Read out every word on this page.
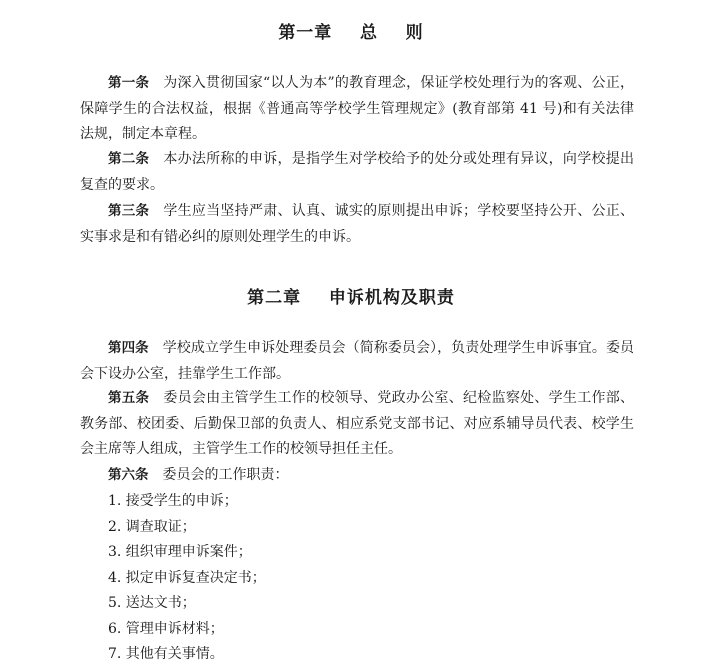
第一章    总    则

第一条 为深入贯彻国家“以人为本”的教育理念，保证学校处理行为的客观、公正，保障学生的合法权益，根据《普通高等学校学生管理规定》(教育部第 41 号)和有关法律法规，制定本章程。

第二条 本办法所称的申诉，是指学生对学校给予的处分或处理有异议，向学校提出复查的要求。

第三条 学生应当坚持严肃、认真、诚实的原则提出申诉；学校要坚持公开、公正、实事求是和有错必纠的原则处理学生的申诉。

第二章    申诉机构及职责

第四条 学校成立学生申诉处理委员会（简称委员会），负责处理学生申诉事宜。委员会下设办公室，挂靠学生工作部。

第五条 委员会由主管学生工作的校领导、党政办公室、纪检监察处、学生工作部、教务部、校团委、后勤保卫部的负责人、相应系党支部书记、对应系辅导员代表、校学生会主席等人组成，主管学生工作的校领导担任主任。

第六条 委员会的工作职责：

1. 接受学生的申诉；
2. 调查取证；
3. 组织审理申诉案件；
4. 拟定申诉复查决定书；
5. 送达文书；
6. 管理申诉材料；
7. 其他有关事情。
